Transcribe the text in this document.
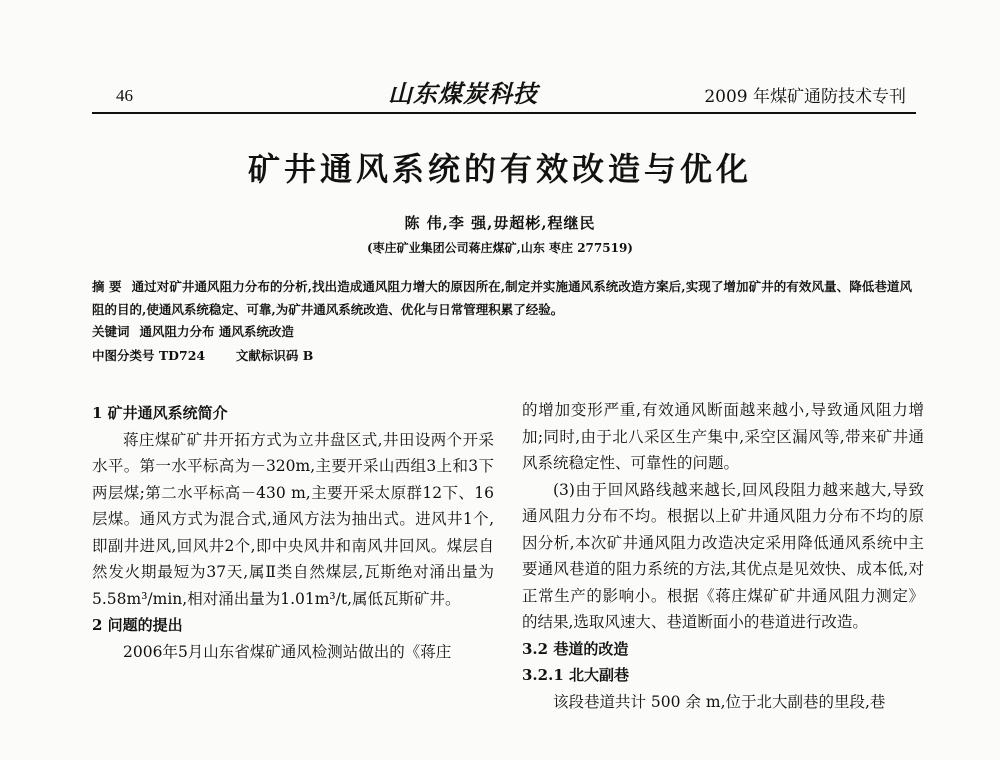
46	山东煤炭科技	2009 年煤矿通防技术专刊
矿井通风系统的有效改造与优化
陈 伟,李 强,毋超彬,程继民
(枣庄矿业集团公司蒋庄煤矿,山东 枣庄 277519)
摘 要 通过对矿井通风阻力分布的分析,找出造成通风阻力增大的原因所在,制定并实施通风系统改造方案后,实现了增加矿井的有效风量、降低巷道风阻的目的,使通风系统稳定、可靠,为矿井通风系统改造、优化与日常管理积累了经验。
关键词 通风阻力分布 通风系统改造
中图分类号 TD724 文献标识码 B

1 矿井通风系统简介

蒋庄煤矿矿井开拓方式为立井盘区式,井田设两个开采水平。第一水平标高为－320m,主要开采山西组3上和3下两层煤;第二水平标高－430 m,主要开采太原群12下、16层煤。通风方式为混合式,通风方法为抽出式。进风井1个,即副井进风,回风井2个,即中央风井和南风井回风。煤层自然发火期最短为37天,属Ⅱ类自然煤层,瓦斯绝对涌出量为5.58m³/min,相对涌出量为1.01m³/t,属低瓦斯矿井。

2 问题的提出

2006年5月山东省煤矿通风检测站做出的《蒋庄

的增加变形严重,有效通风断面越来越小,导致通风阻力增加;同时,由于北八采区生产集中,采空区漏风等,带来矿井通风系统稳定性、可靠性的问题。

(3)由于回风路线越来越长,回风段阻力越来越大,导致通风阻力分布不均。根据以上矿井通风阻力分布不均的原因分析,本次矿井通风阻力改造决定采用降低通风系统中主要通风巷道的阻力系统的方法,其优点是见效快、成本低,对正常生产的影响小。根据《蒋庄煤矿矿井通风阻力测定》的结果,选取风速大、巷道断面小的巷道进行改造。

3.2 巷道的改造

3.2.1 北大副巷

该段巷道共计 500 余 m,位于北大副巷的里段,巷
